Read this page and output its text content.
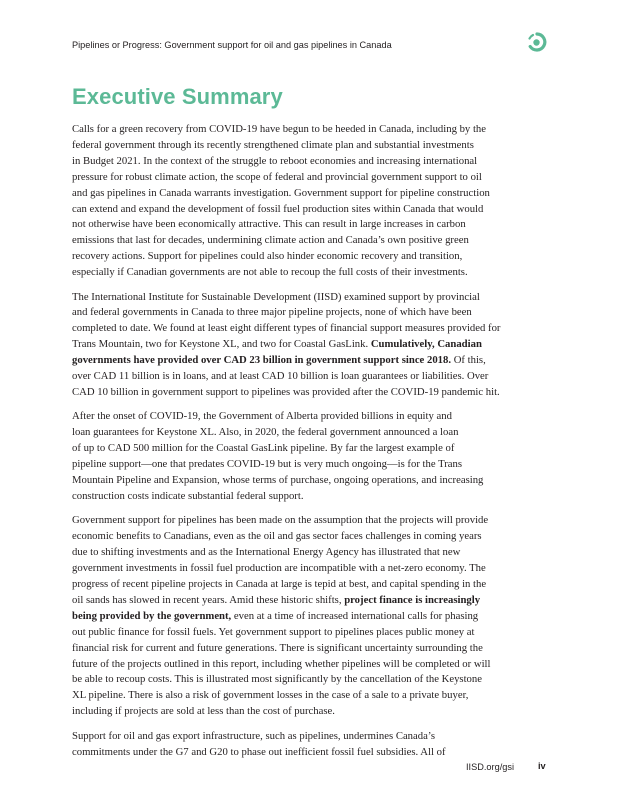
Pipelines or Progress: Government support for oil and gas pipelines in Canada
Executive Summary

Calls for a green recovery from COVID-19 have begun to be heeded in Canada, including by the
federal government through its recently strengthened climate plan and substantial investments
in Budget 2021. In the context of the struggle to reboot economies and increasing international
pressure for robust climate action, the scope of federal and provincial government support to oil
and gas pipelines in Canada warrants investigation. Government support for pipeline construction
can extend and expand the development of fossil fuel production sites within Canada that would
not otherwise have been economically attractive. This can result in large increases in carbon
emissions that last for decades, undermining climate action and Canada’s own positive green
recovery actions. Support for pipelines could also hinder economic recovery and transition,
especially if Canadian governments are not able to recoup the full costs of their investments.

The International Institute for Sustainable Development (IISD) examined support by provincial
and federal governments in Canada to three major pipeline projects, none of which have been
completed to date. We found at least eight different types of financial support measures provided for
Trans Mountain, two for Keystone XL, and two for Coastal GasLink. Cumulatively, Canadian
governments have provided over CAD 23 billion in government support since 2018. Of this,
over CAD 11 billion is in loans, and at least CAD 10 billion is loan guarantees or liabilities. Over
CAD 10 billion in government support to pipelines was provided after the COVID-19 pandemic hit.

After the onset of COVID-19, the Government of Alberta provided billions in equity and
loan guarantees for Keystone XL. Also, in 2020, the federal government announced a loan
of up to CAD 500 million for the Coastal GasLink pipeline. By far the largest example of
pipeline support—one that predates COVID-19 but is very much ongoing—is for the Trans
Mountain Pipeline and Expansion, whose terms of purchase, ongoing operations, and increasing
construction costs indicate substantial federal support.

Government support for pipelines has been made on the assumption that the projects will provide
economic benefits to Canadians, even as the oil and gas sector faces challenges in coming years
due to shifting investments and as the International Energy Agency has illustrated that new
government investments in fossil fuel production are incompatible with a net-zero economy. The
progress of recent pipeline projects in Canada at large is tepid at best, and capital spending in the
oil sands has slowed in recent years. Amid these historic shifts, project finance is increasingly
being provided by the government, even at a time of increased international calls for phasing
out public finance for fossil fuels. Yet government support to pipelines places public money at
financial risk for current and future generations. There is significant uncertainty surrounding the
future of the projects outlined in this report, including whether pipelines will be completed or will
be able to recoup costs. This is illustrated most significantly by the cancellation of the Keystone
XL pipeline. There is also a risk of government losses in the case of a sale to a private buyer,
including if projects are sold at less than the cost of purchase.

Support for oil and gas export infrastructure, such as pipelines, undermines Canada’s
commitments under the G7 and G20 to phase out inefficient fossil fuel subsidies. All of

IISD.org/gsi	iv
